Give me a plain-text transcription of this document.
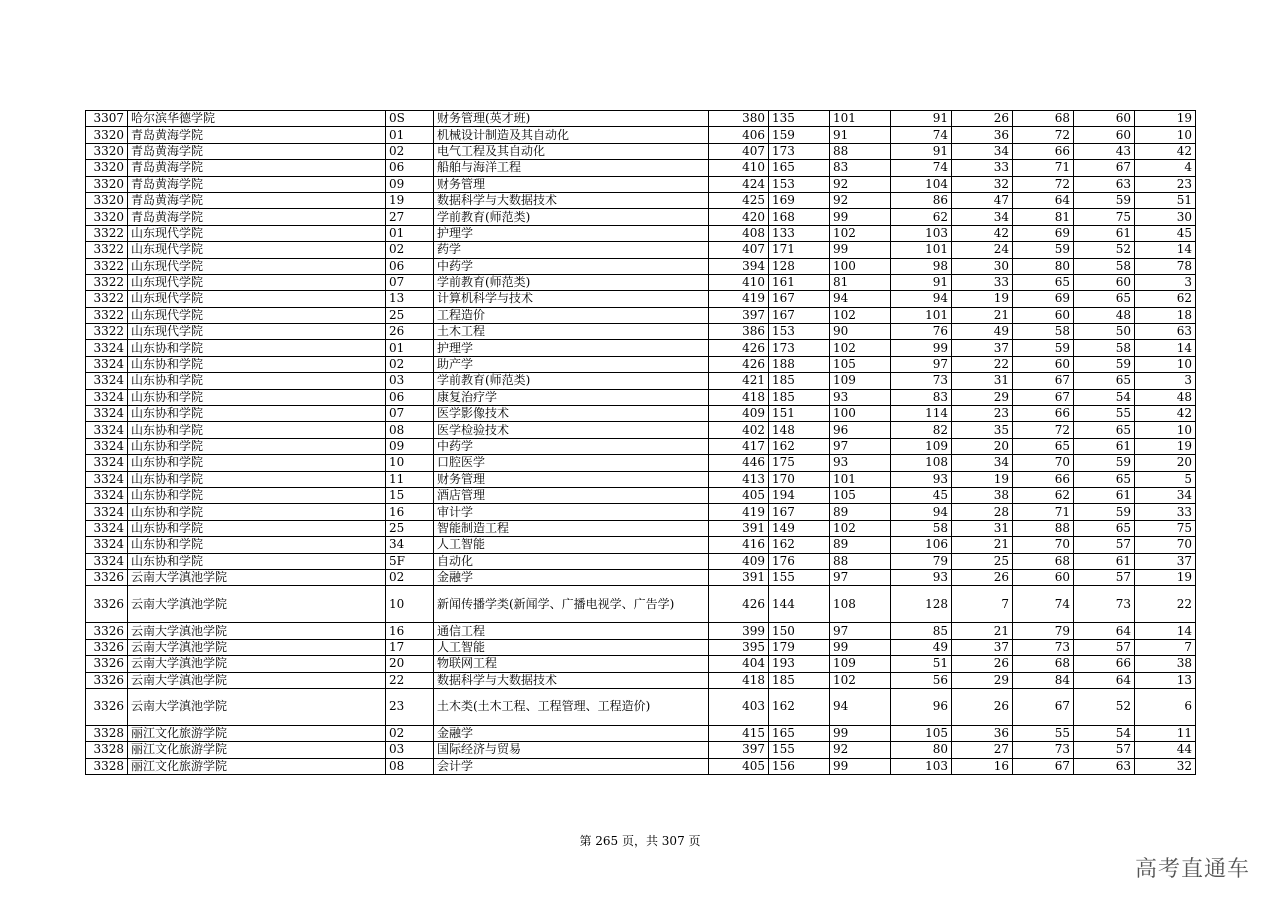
3307	哈尔滨华德学院	0S	财务管理(英才班)	380	135	101	91	26	68	60	19
3320	青岛黄海学院	01	机械设计制造及其自动化	406	159	91	74	36	72	60	10
3320	青岛黄海学院	02	电气工程及其自动化	407	173	88	91	34	66	43	42
3320	青岛黄海学院	06	船舶与海洋工程	410	165	83	74	33	71	67	4
3320	青岛黄海学院	09	财务管理	424	153	92	104	32	72	63	23
3320	青岛黄海学院	19	数据科学与大数据技术	425	169	92	86	47	64	59	51
3320	青岛黄海学院	27	学前教育(师范类)	420	168	99	62	34	81	75	30
3322	山东现代学院	01	护理学	408	133	102	103	42	69	61	45
3322	山东现代学院	02	药学	407	171	99	101	24	59	52	14
3322	山东现代学院	06	中药学	394	128	100	98	30	80	58	78
3322	山东现代学院	07	学前教育(师范类)	410	161	81	91	33	65	60	3
3322	山东现代学院	13	计算机科学与技术	419	167	94	94	19	69	65	62
3322	山东现代学院	25	工程造价	397	167	102	101	21	60	48	18
3322	山东现代学院	26	土木工程	386	153	90	76	49	58	50	63
3324	山东协和学院	01	护理学	426	173	102	99	37	59	58	14
3324	山东协和学院	02	助产学	426	188	105	97	22	60	59	10
3324	山东协和学院	03	学前教育(师范类)	421	185	109	73	31	67	65	3
3324	山东协和学院	06	康复治疗学	418	185	93	83	29	67	54	48
3324	山东协和学院	07	医学影像技术	409	151	100	114	23	66	55	42
3324	山东协和学院	08	医学检验技术	402	148	96	82	35	72	65	10
3324	山东协和学院	09	中药学	417	162	97	109	20	65	61	19
3324	山东协和学院	10	口腔医学	446	175	93	108	34	70	59	20
3324	山东协和学院	11	财务管理	413	170	101	93	19	66	65	5
3324	山东协和学院	15	酒店管理	405	194	105	45	38	62	61	34
3324	山东协和学院	16	审计学	419	167	89	94	28	71	59	33
3324	山东协和学院	25	智能制造工程	391	149	102	58	31	88	65	75
3324	山东协和学院	34	人工智能	416	162	89	106	21	70	57	70
3324	山东协和学院	5F	自动化	409	176	88	79	25	68	61	37
3326	云南大学滇池学院	02	金融学	391	155	97	93	26	60	57	19
3326	云南大学滇池学院	10	新闻传播学类(新闻学、广播电视学、广告学)	426	144	108	128	7	74	73	22
3326	云南大学滇池学院	16	通信工程	399	150	97	85	21	79	64	14
3326	云南大学滇池学院	17	人工智能	395	179	99	49	37	73	57	7
3326	云南大学滇池学院	20	物联网工程	404	193	109	51	26	68	66	38
3326	云南大学滇池学院	22	数据科学与大数据技术	418	185	102	56	29	84	64	13
3326	云南大学滇池学院	23	土木类(土木工程、工程管理、工程造价)	403	162	94	96	26	67	52	6
3328	丽江文化旅游学院	02	金融学	415	165	99	105	36	55	54	11
3328	丽江文化旅游学院	03	国际经济与贸易	397	155	92	80	27	73	57	44
3328	丽江文化旅游学院	08	会计学	405	156	99	103	16	67	63	32
第 265 页，共 307 页
高考直通车
